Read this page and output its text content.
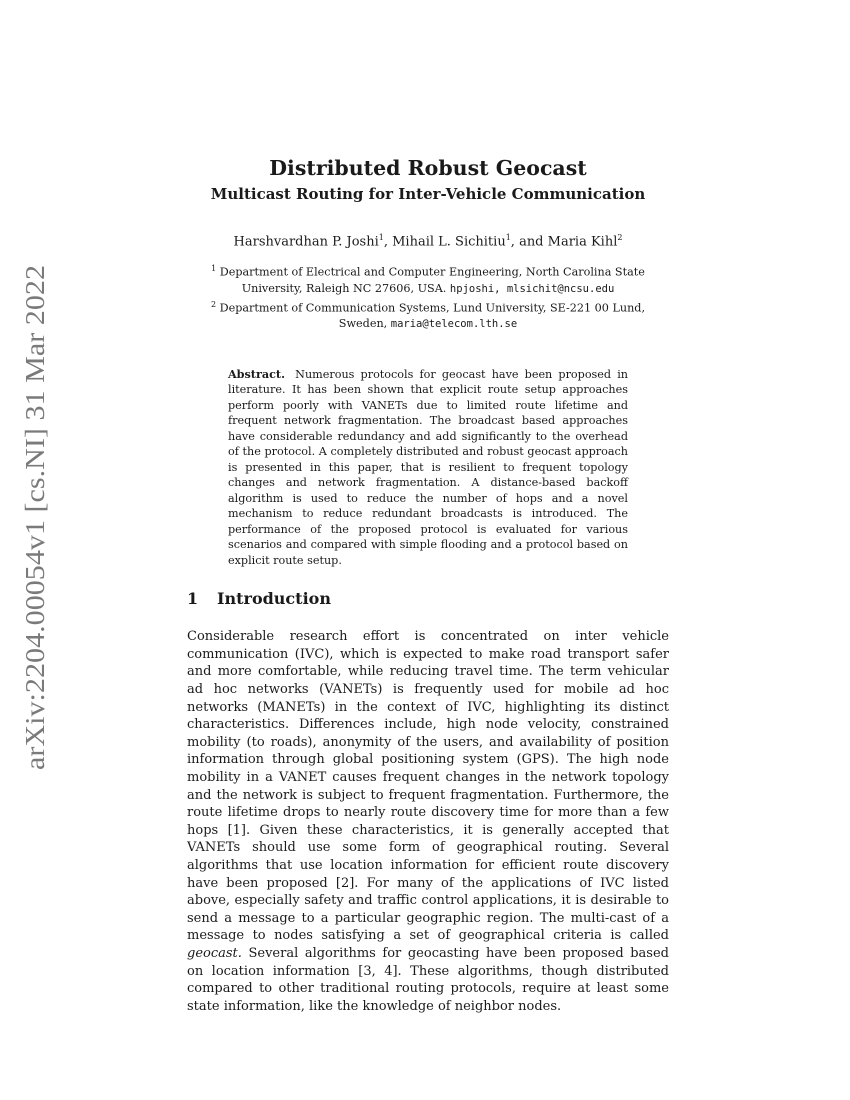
arXiv:2204.00054v1 [cs.NI] 31 Mar 2022
Distributed Robust Geocast
Multicast Routing for Inter-Vehicle Communication
Harshvardhan P. Joshi$^1$, Mihail L. Sichitiu$^1$, and Maria Kihl$^2$
$^1$ Department of Electrical and Computer Engineering, North Carolina State University, Raleigh NC 27606, USA. hpjoshi, mlsichit@ncsu.edu
$^2$ Department of Communication Systems, Lund University, SE-221 00 Lund, Sweden, maria@telecom.lth.se
Abstract. Numerous protocols for geocast have been proposed in literature. It has been shown that explicit route setup approaches perform poorly with VANETs due to limited route lifetime and frequent network fragmentation. The broadcast based approaches have considerable redundancy and add significantly to the overhead of the protocol. A completely distributed and robust geocast approach is presented in this paper, that is resilient to frequent topology changes and network fragmentation. A distance-based backoff algorithm is used to reduce the number of hops and a novel mechanism to reduce redundant broadcasts is introduced. The performance of the proposed protocol is evaluated for various scenarios and compared with simple flooding and a protocol based on explicit route setup.
1 Introduction
Considerable research effort is concentrated on inter vehicle communication (IVC), which is expected to make road transport safer and more comfortable, while reducing travel time. The term vehicular ad hoc networks (VANETs) is frequently used for mobile ad hoc networks (MANETs) in the context of IVC, highlighting its distinct characteristics. Differences include, high node velocity, constrained mobility (to roads), anonymity of the users, and availability of position information through global positioning system (GPS). The high node mobility in a VANET causes frequent changes in the network topology and the network is subject to frequent fragmentation. Furthermore, the route lifetime drops to nearly route discovery time for more than a few hops [1]. Given these characteristics, it is generally accepted that VANETs should use some form of geographical routing. Several algorithms that use location information for efficient route discovery have been proposed [2]. For many of the applications of IVC listed above, especially safety and traffic control applications, it is desirable to send a message to a particular geographic region. The multi-cast of a message to nodes satisfying a set of geographical criteria is called geocast. Several algorithms for geocasting have been proposed based on location information [3, 4]. These algorithms, though distributed compared to other traditional routing protocols, require at least some state information, like the knowledge of neighbor nodes.
